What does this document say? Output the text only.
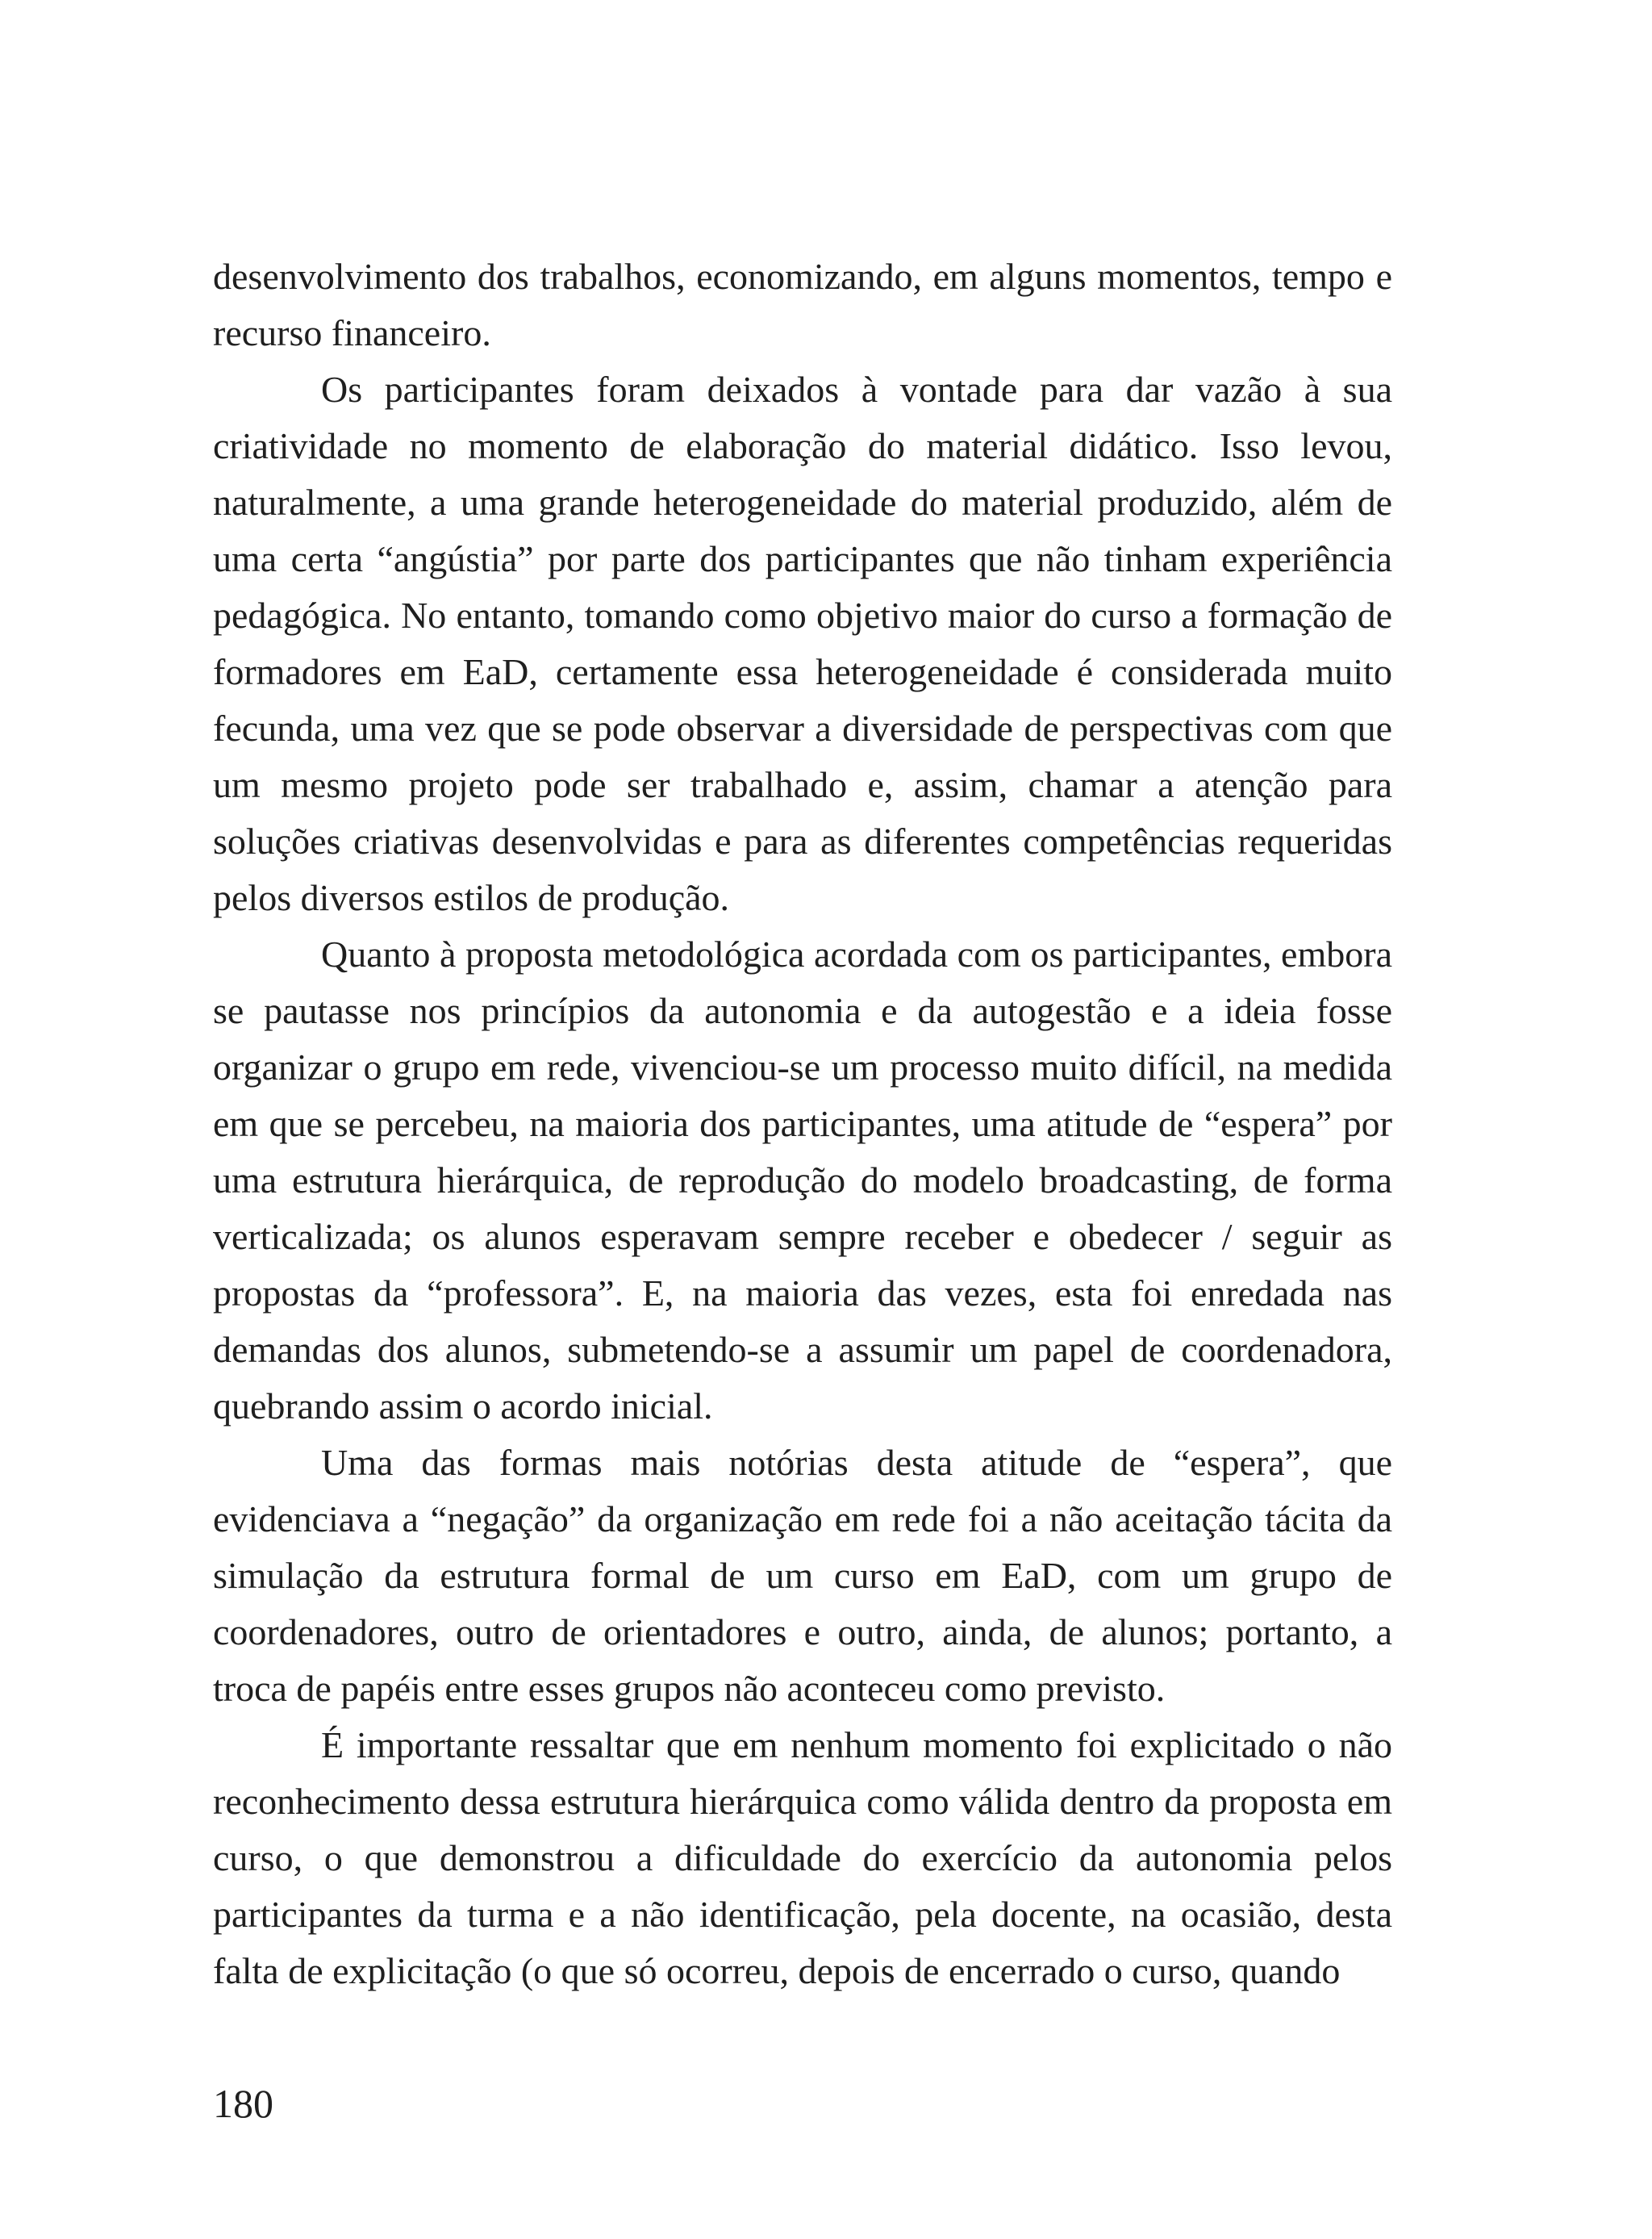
desenvolvimento dos trabalhos, economizando, em alguns momentos, tempo e recurso financeiro.

Os participantes foram deixados à vontade para dar vazão à sua criatividade no momento de elaboração do material didático. Isso levou, naturalmente, a uma grande heterogeneidade do material produzido, além de uma certa “angústia” por parte dos participantes que não tinham experiência pedagógica. No entanto, tomando como objetivo maior do curso a formação de formadores em EaD, certamente essa heterogeneidade é considerada muito fecunda, uma vez que se pode observar a diversidade de perspectivas com que um mesmo projeto pode ser trabalhado e, assim, chamar a atenção para soluções criativas desenvolvidas e para as diferentes competências requeridas pelos diversos estilos de produção.

Quanto à proposta metodológica acordada com os participantes, embora se pautasse nos princípios da autonomia e da autogestão e a ideia fosse organizar o grupo em rede, vivenciou-se um processo muito difícil, na medida em que se percebeu, na maioria dos participantes, uma atitude de “espera” por uma estrutura hierárquica, de reprodução do modelo broadcasting, de forma verticalizada; os alunos esperavam sempre receber e obedecer / seguir as propostas da “professora”. E, na maioria das vezes, esta foi enredada nas demandas dos alunos, submetendo-se a assumir um papel de coordenadora, quebrando assim o acordo inicial.

Uma das formas mais notórias desta atitude de “espera”, que evidenciava a “negação” da organização em rede foi a não aceitação tácita da simulação da estrutura formal de um curso em EaD, com um grupo de coordenadores, outro de orientadores e outro, ainda, de alunos; portanto, a troca de papéis entre esses grupos não aconteceu como previsto.

É importante ressaltar que em nenhum momento foi explicitado o não reconhecimento dessa estrutura hierárquica como válida dentro da proposta em curso, o que demonstrou a dificuldade do exercício da autonomia pelos participantes da turma e a não identificação, pela docente, na ocasião, desta falta de explicitação (o que só ocorreu, depois de encerrado o curso, quando

180
